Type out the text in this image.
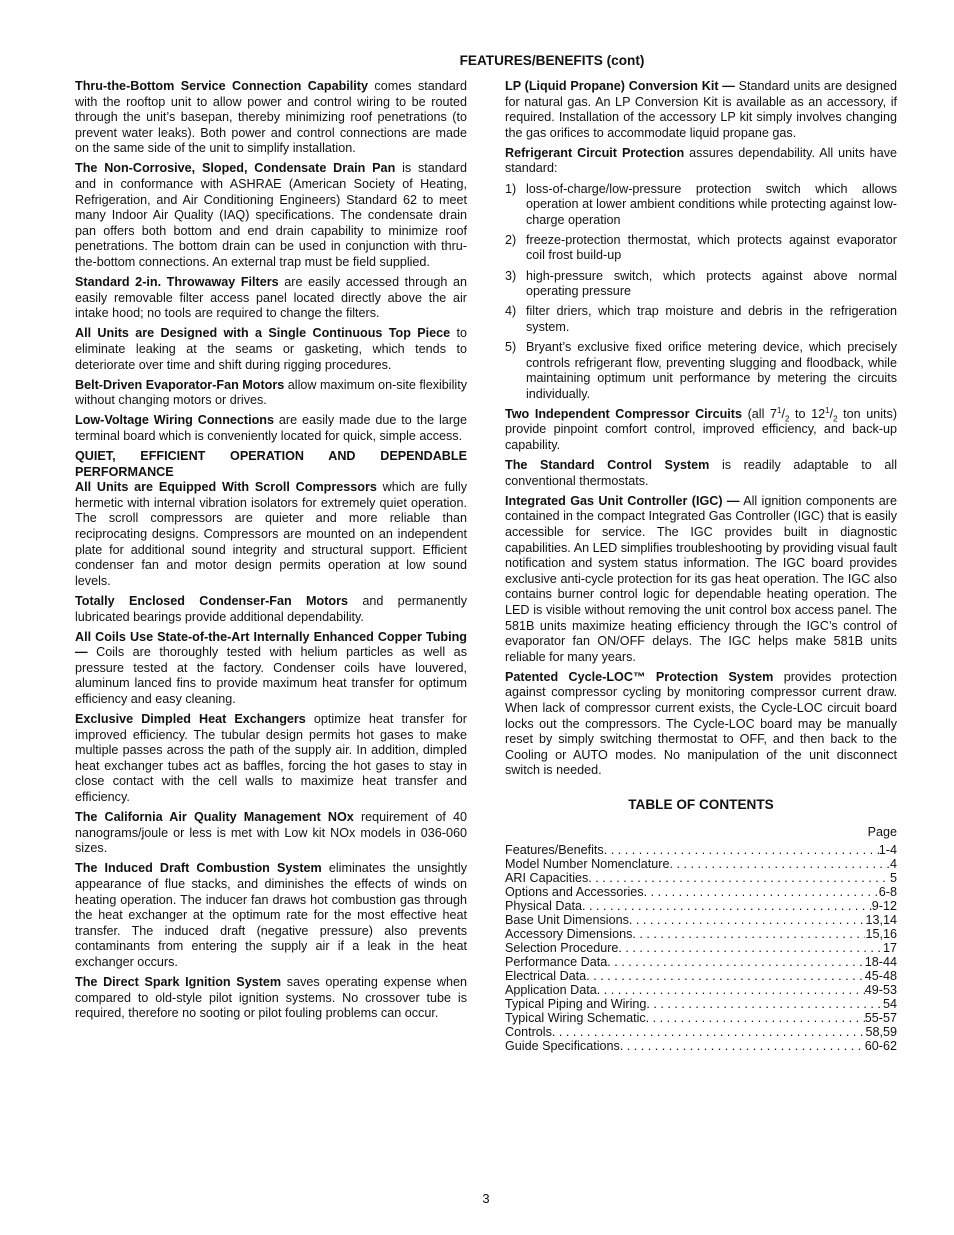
FEATURES/BENEFITS (cont)

Thru-the-Bottom Service Connection Capability comes standard with the rooftop unit to allow power and control wiring to be routed through the unit’s basepan, thereby minimizing roof penetrations (to prevent water leaks). Both power and control connections are made on the same side of the unit to simplify installation.

The Non-Corrosive, Sloped, Condensate Drain Pan is standard and in conformance with ASHRAE (American Society of Heating, Refrigeration, and Air Conditioning Engineers) Standard 62 to meet many Indoor Air Quality (IAQ) specifications. The condensate drain pan offers both bottom and end drain capability to minimize roof penetrations. The bottom drain can be used in conjunction with thru-the-bottom connections. An external trap must be field supplied.

Standard 2-in. Throwaway Filters are easily accessed through an easily removable filter access panel located directly above the air intake hood; no tools are required to change the filters.

All Units are Designed with a Single Continuous Top Piece to eliminate leaking at the seams or gasketing, which tends to deteriorate over time and shift during rigging procedures.

Belt-Driven Evaporator-Fan Motors allow maximum on-site flexibility without changing motors or drives.

Low-Voltage Wiring Connections are easily made due to the large terminal board which is conveniently located for quick, simple access.

QUIET, EFFICIENT OPERATION AND DEPENDABLE PERFORMANCE

All Units are Equipped With Scroll Compressors which are fully hermetic with internal vibration isolators for extremely quiet operation. The scroll compressors are quieter and more reliable than reciprocating designs. Compressors are mounted on an independent plate for additional sound integrity and structural support. Efficient condenser fan and motor design permits operation at low sound levels.

Totally Enclosed Condenser-Fan Motors and permanently lubricated bearings provide additional dependability.

All Coils Use State-of-the-Art Internally Enhanced Copper Tubing — Coils are thoroughly tested with helium particles as well as pressure tested at the factory. Condenser coils have louvered, aluminum lanced fins to provide maximum heat transfer for optimum efficiency and easy cleaning.

Exclusive Dimpled Heat Exchangers optimize heat transfer for improved efficiency. The tubular design permits hot gases to make multiple passes across the path of the supply air. In addition, dimpled heat exchanger tubes act as baffles, forcing the hot gases to stay in close contact with the cell walls to maximize heat transfer and efficiency.

The California Air Quality Management NOx requirement of 40 nanograms/joule or less is met with Low kit NOx models in 036-060 sizes.

The Induced Draft Combustion System eliminates the unsightly appearance of flue stacks, and diminishes the effects of winds on heating operation. The inducer fan draws hot combustion gas through the heat exchanger at the optimum rate for the most effective heat transfer. The induced draft (negative pressure) also prevents contaminants from entering the supply air if a leak in the heat exchanger occurs.

The Direct Spark Ignition System saves operating expense when compared to old-style pilot ignition systems. No crossover tube is required, therefore no sooting or pilot fouling problems can occur.

LP (Liquid Propane) Conversion Kit — Standard units are designed for natural gas. An LP Conversion Kit is available as an accessory, if required. Installation of the accessory LP kit simply involves changing the gas orifices to accommodate liquid propane gas.

Refrigerant Circuit Protection assures dependability. All units have standard:

1) loss-of-charge/low-pressure protection switch which allows operation at lower ambient conditions while protecting against low-charge operation
2) freeze-protection thermostat, which protects against evaporator coil frost build-up
3) high-pressure switch, which protects against above normal operating pressure
4) filter driers, which trap moisture and debris in the refrigeration system.
5) Bryant’s exclusive fixed orifice metering device, which precisely controls refrigerant flow, preventing slugging and floodback, while maintaining optimum unit performance by metering the circuits individually.

Two Independent Compressor Circuits (all $7^1/_2$ to $12^1/_2$ ton units) provide pinpoint comfort control, improved efficiency, and back-up capability.

The Standard Control System is readily adaptable to all conventional thermostats.

Integrated Gas Unit Controller (IGC) — All ignition components are contained in the compact Integrated Gas Controller (IGC) that is easily accessible for service. The IGC provides built in diagnostic capabilities. An LED simplifies troubleshooting by providing visual fault notification and system status information. The IGC board provides exclusive anti-cycle protection for its gas heat operation. The IGC also contains burner control logic for dependable heating operation. The LED is visible without removing the unit control box access panel. The 581B units maximize heating efficiency through the IGC’s control of evaporator fan ON/OFF delays. The IGC helps make 581B units reliable for many years.

Patented Cycle-LOC™ Protection System provides protection against compressor cycling by monitoring compressor current draw. When lack of compressor current exists, the Cycle-LOC circuit board locks out the compressors. The Cycle-LOC board may be manually reset by simply switching thermostat to OFF, and then back to the Cooling or AUTO modes. No manipulation of the unit disconnect switch is needed.

TABLE OF CONTENTS
Page
Features/Benefits . . .	1-4
Model Number Nomenclature . . .	4
ARI Capacities . . .	5
Options and Accessories . . .	6-8
Physical Data . . .	9-12
Base Unit Dimensions . . .	13,14
Accessory Dimensions . . .	15,16
Selection Procedure . . .	17
Performance Data . . .	18-44
Electrical Data . . .	45-48
Application Data . . .	49-53
Typical Piping and Wiring . . .	54
Typical Wiring Schematic . . .	55-57
Controls . . .	58,59
Guide Specifications . . .	60-62
3
